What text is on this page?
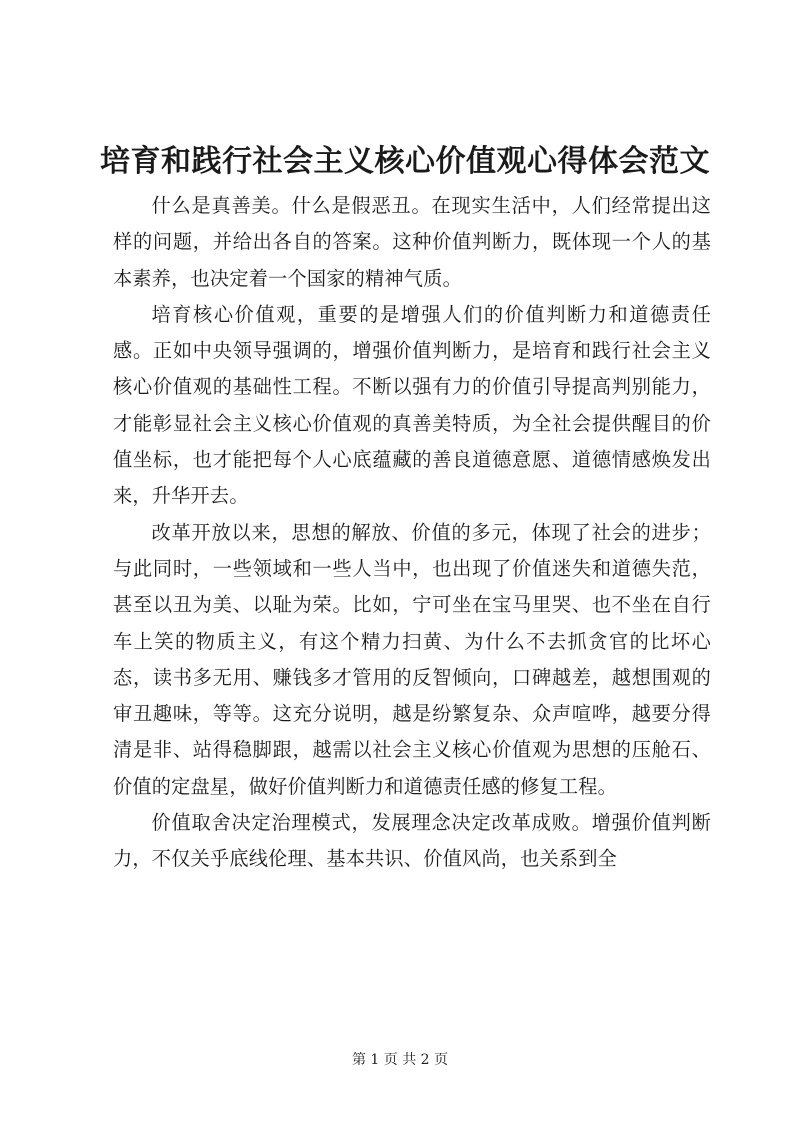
培育和践行社会主义核心价值观心得体会范文

什么是真善美。什么是假恶丑。在现实生活中，人们经常提出这样的问题，并给出各自的答案。这种价值判断力，既体现一个人的基本素养，也决定着一个国家的精神气质。

培育核心价值观，重要的是增强人们的价值判断力和道德责任感。正如中央领导强调的，增强价值判断力，是培育和践行社会主义核心价值观的基础性工程。不断以强有力的价值引导提高判别能力，才能彰显社会主义核心价值观的真善美特质，为全社会提供醒目的价值坐标，也才能把每个人心底蕴藏的善良道德意愿、道德情感焕发出来，升华开去。

改革开放以来，思想的解放、价值的多元，体现了社会的进步；与此同时，一些领域和一些人当中，也出现了价值迷失和道德失范，甚至以丑为美、以耻为荣。比如，宁可坐在宝马里哭、也不坐在自行车上笑的物质主义，有这个精力扫黄、为什么不去抓贪官的比坏心态，读书多无用、赚钱多才管用的反智倾向，口碑越差，越想围观的审丑趣味，等等。这充分说明，越是纷繁复杂、众声喧哗，越要分得清是非、站得稳脚跟，越需以社会主义核心价值观为思想的压舱石、价值的定盘星，做好价值判断力和道德责任感的修复工程。

价值取舍决定治理模式，发展理念决定改革成败。增强价值判断力，不仅关乎底线伦理、基本共识、价值风尚，也关系到全

第 1 页 共 2 页
